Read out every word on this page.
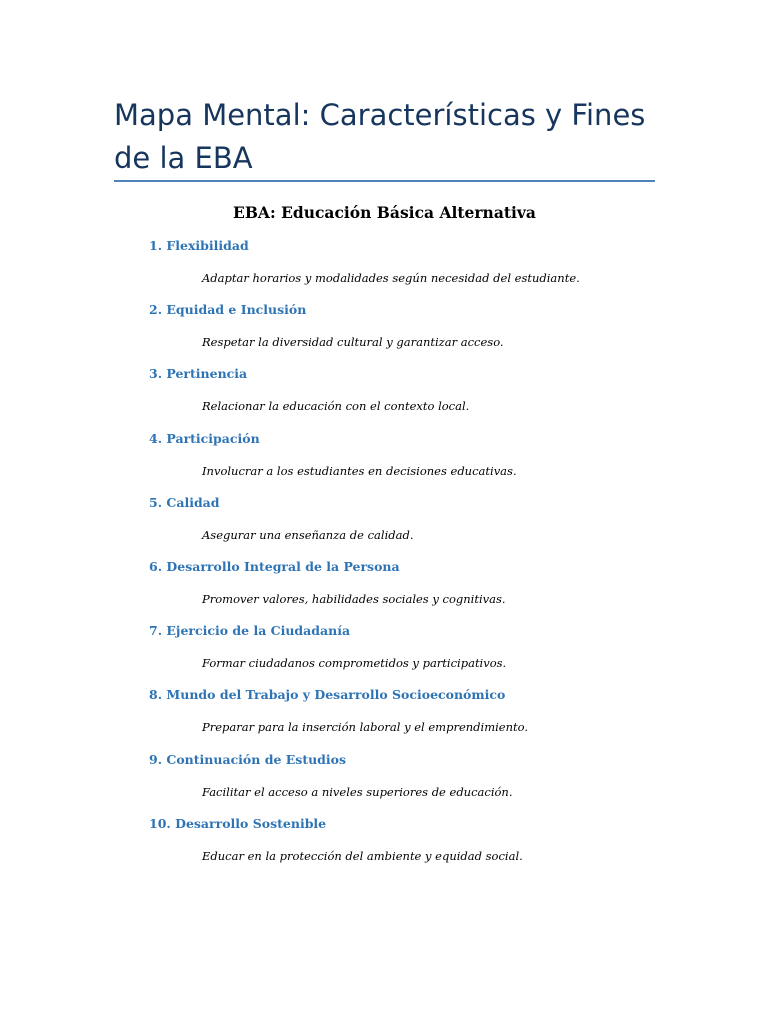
Mapa Mental: Características y Fines de la EBA
EBA: Educación Básica Alternativa
1. Flexibilidad
Adaptar horarios y modalidades según necesidad del estudiante.
2. Equidad e Inclusión
Respetar la diversidad cultural y garantizar acceso.
3. Pertinencia
Relacionar la educación con el contexto local.
4. Participación
Involucrar a los estudiantes en decisiones educativas.
5. Calidad
Asegurar una enseñanza de calidad.
6. Desarrollo Integral de la Persona
Promover valores, habilidades sociales y cognitivas.
7. Ejercicio de la Ciudadanía
Formar ciudadanos comprometidos y participativos.
8. Mundo del Trabajo y Desarrollo Socioeconómico
Preparar para la inserción laboral y el emprendimiento.
9. Continuación de Estudios
Facilitar el acceso a niveles superiores de educación.
10. Desarrollo Sostenible
Educar en la protección del ambiente y equidad social.
